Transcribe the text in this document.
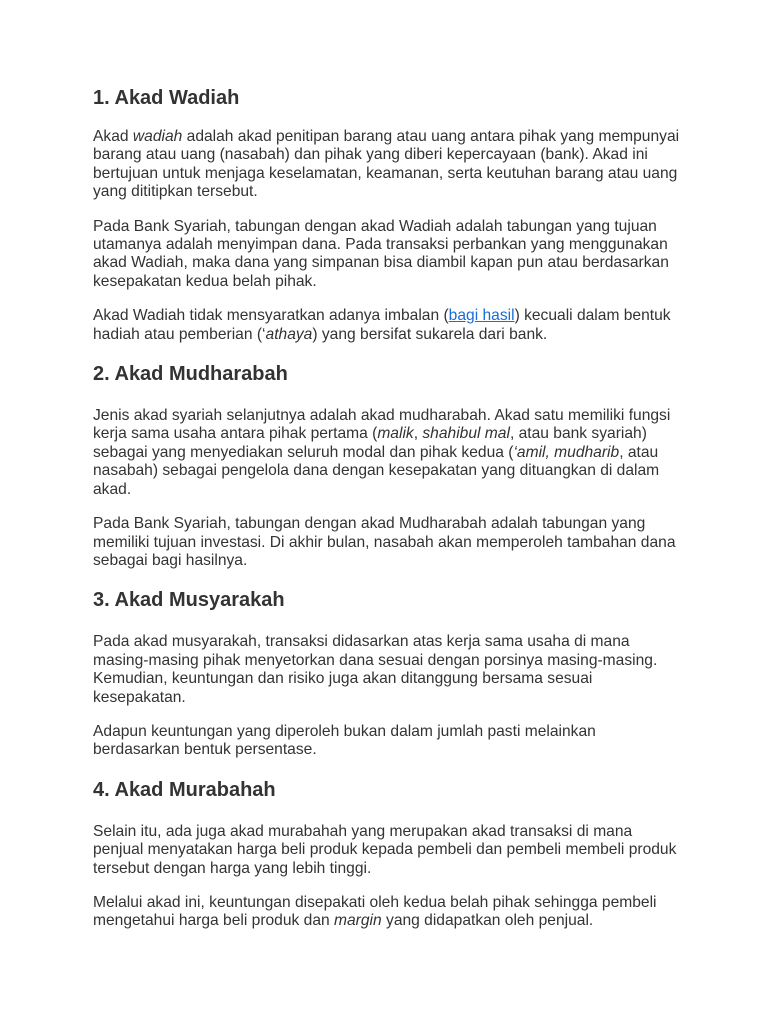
1. Akad Wadiah

Akad wadiah adalah akad penitipan barang atau uang antara pihak yang mempunyai barang atau uang (nasabah) dan pihak yang diberi kepercayaan (bank). Akad ini bertujuan untuk menjaga keselamatan, keamanan, serta keutuhan barang atau uang yang dititipkan tersebut.

Pada Bank Syariah, tabungan dengan akad Wadiah adalah tabungan yang tujuan utamanya adalah menyimpan dana. Pada transaksi perbankan yang menggunakan akad Wadiah, maka dana yang simpanan bisa diambil kapan pun atau berdasarkan kesepakatan kedua belah pihak.

Akad Wadiah tidak mensyaratkan adanya imbalan (bagi hasil) kecuali dalam bentuk hadiah atau pemberian (‘athaya) yang bersifat sukarela dari bank.

2. Akad Mudharabah

Jenis akad syariah selanjutnya adalah akad mudharabah. Akad satu memiliki fungsi kerja sama usaha antara pihak pertama (malik, shahibul mal, atau bank syariah) sebagai yang menyediakan seluruh modal dan pihak kedua (‘amil, mudharib, atau nasabah) sebagai pengelola dana dengan kesepakatan yang dituangkan di dalam akad.

Pada Bank Syariah, tabungan dengan akad Mudharabah adalah tabungan yang memiliki tujuan investasi. Di akhir bulan, nasabah akan memperoleh tambahan dana sebagai bagi hasilnya.

3. Akad Musyarakah

Pada akad musyarakah, transaksi didasarkan atas kerja sama usaha di mana masing-masing pihak menyetorkan dana sesuai dengan porsinya masing-masing. Kemudian, keuntungan dan risiko juga akan ditanggung bersama sesuai kesepakatan.

Adapun keuntungan yang diperoleh bukan dalam jumlah pasti melainkan berdasarkan bentuk persentase.

4. Akad Murabahah

Selain itu, ada juga akad murabahah yang merupakan akad transaksi di mana penjual menyatakan harga beli produk kepada pembeli dan pembeli membeli produk tersebut dengan harga yang lebih tinggi.

Melalui akad ini, keuntungan disepakati oleh kedua belah pihak sehingga pembeli mengetahui harga beli produk dan margin yang didapatkan oleh penjual.
